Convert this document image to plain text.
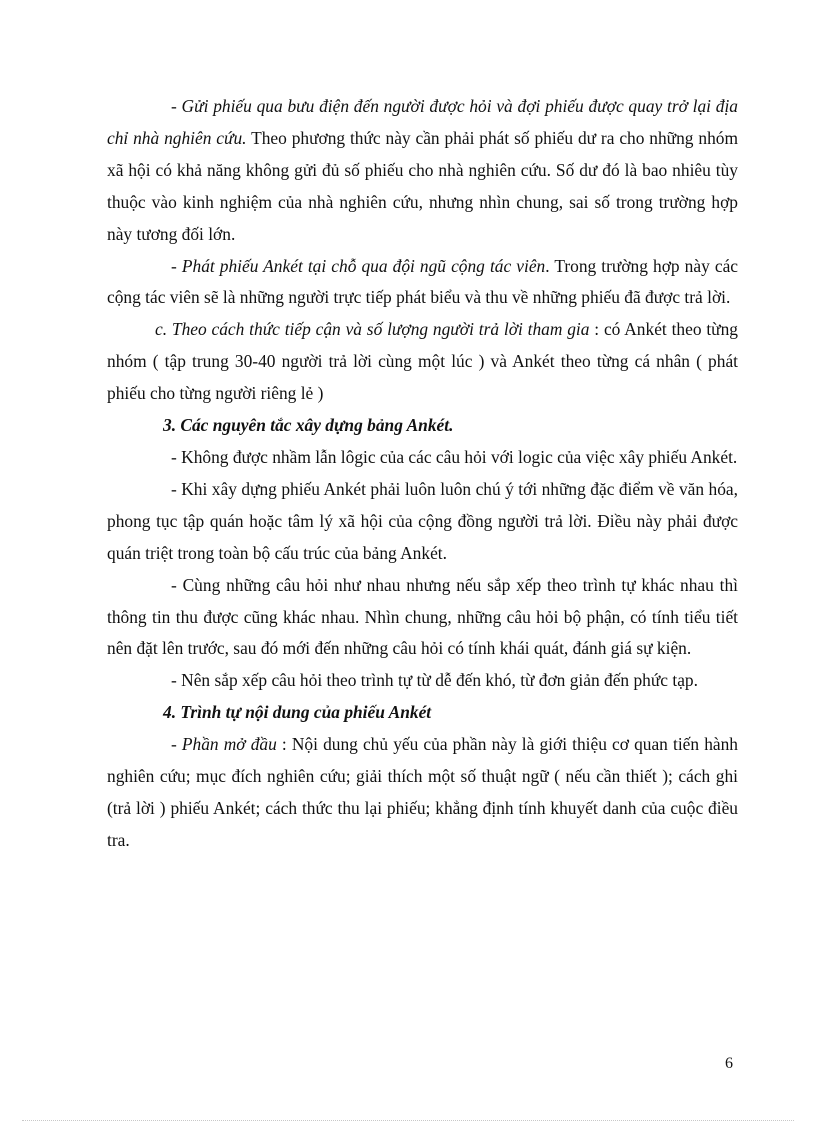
- Gửi phiếu qua bưu điện đến người được hỏi và đợi phiếu được quay trở lại địa chỉ nhà nghiên cứu. Theo phương thức này cần phải phát số phiếu dư ra cho những nhóm xã hội có khả năng không gửi đủ số phiếu cho nhà nghiên cứu. Số dư đó là bao nhiêu tùy thuộc vào kinh nghiệm của nhà nghiên cứu, nhưng nhìn chung, sai số trong trường hợp này tương đối lớn.

- Phát phiếu Ankét tại chỗ qua đội ngũ cộng tác viên. Trong trường hợp này các cộng tác viên sẽ là những người trực tiếp phát biểu và thu về những phiếu đã được trả lời.

c. Theo cách thức tiếp cận và số lượng người trả lời tham gia : có Ankét theo từng nhóm ( tập trung 30-40 người trả lời cùng một lúc ) và Ankét theo từng cá nhân ( phát phiếu cho từng người riêng lẻ )

3. Các nguyên tắc xây dựng bảng Ankét.

- Không được nhầm lẫn lôgic của các câu hỏi với logic của việc xây phiếu Ankét.

- Khi xây dựng phiếu Ankét phải luôn luôn chú ý tới những đặc điểm về văn hóa, phong tục tập quán hoặc tâm lý xã hội của cộng đồng người trả lời. Điều này phải được quán triệt trong toàn bộ cấu trúc của bảng Ankét.

- Cùng những câu hỏi như nhau nhưng nếu sắp xếp theo trình tự khác nhau thì thông tin thu được cũng khác nhau. Nhìn chung, những câu hỏi bộ phận, có tính tiểu tiết nên đặt lên trước, sau đó mới đến những câu hỏi có tính khái quát, đánh giá sự kiện.

- Nên sắp xếp câu hỏi theo trình tự từ dễ đến khó, từ đơn giản đến phức tạp.

4. Trình tự nội dung của phiếu Ankét

- Phần mở đầu : Nội dung chủ yếu của phần này là giới thiệu cơ quan tiến hành nghiên cứu; mục đích nghiên cứu; giải thích một số thuật ngữ ( nếu cần thiết ); cách ghi (trả lời ) phiếu Ankét; cách thức thu lại phiếu; khẳng định tính khuyết danh của cuộc điều tra.

6
